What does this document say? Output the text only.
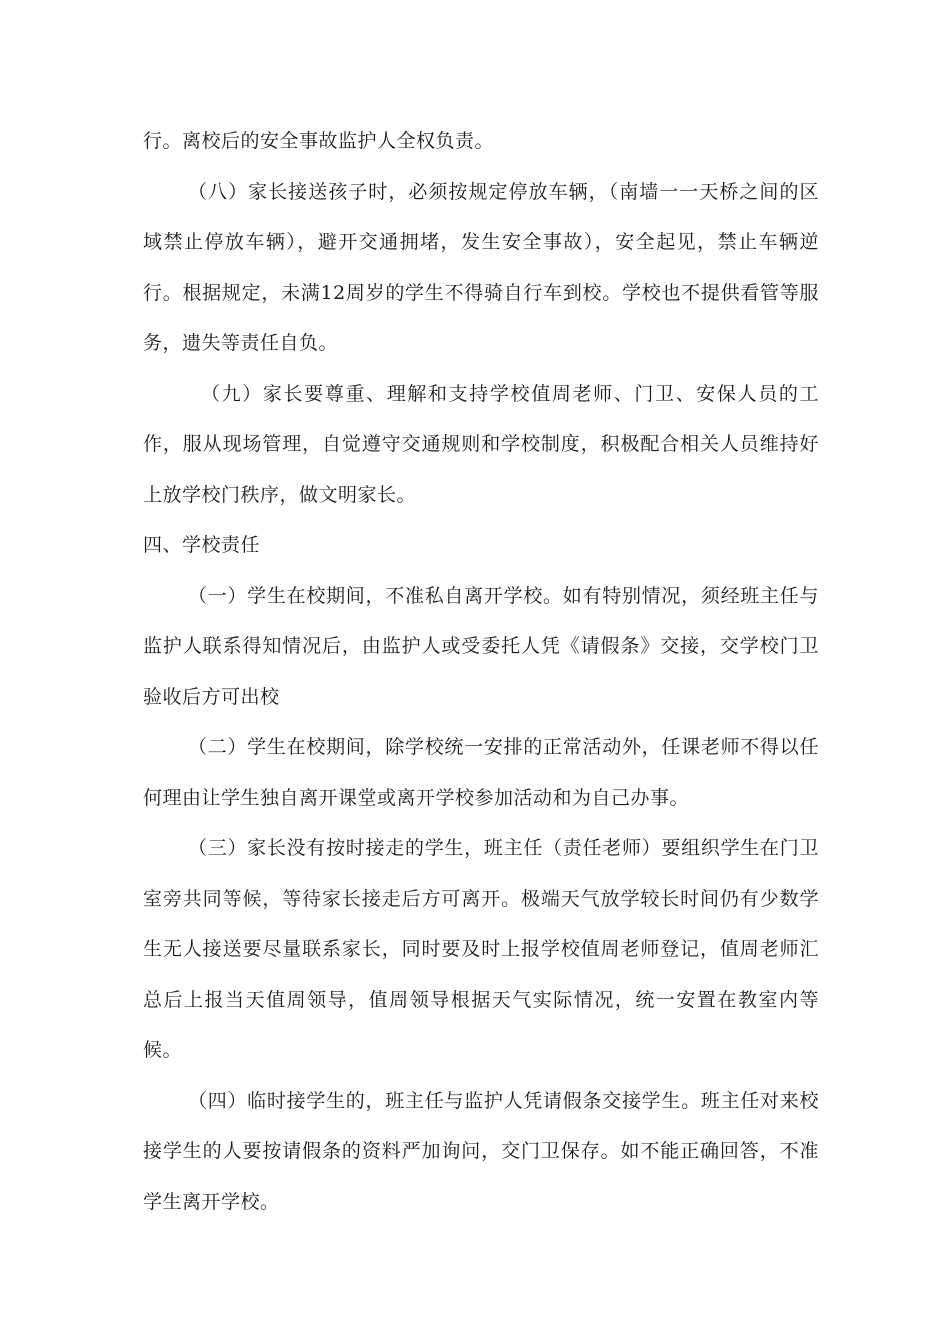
行。离校后的安全事故监护人全权负责。

（八）家长接送孩子时，必须按规定停放车辆，（南墙一一天桥之间的区域禁止停放车辆），避开交通拥堵，发生安全事故），安全起见，禁止车辆逆行。根据规定，未满12周岁的学生不得骑自行车到校。学校也不提供看管等服务，遗失等责任自负。

（九）家长要尊重、理解和支持学校值周老师、门卫、安保人员的工作，服从现场管理，自觉遵守交通规则和学校制度，积极配合相关人员维持好上放学校门秩序，做文明家长。

四、学校责任

（一）学生在校期间，不准私自离开学校。如有特别情况，须经班主任与监护人联系得知情况后，由监护人或受委托人凭《请假条》交接，交学校门卫验收后方可出校

（二）学生在校期间，除学校统一安排的正常活动外，任课老师不得以任何理由让学生独自离开课堂或离开学校参加活动和为自己办事。

（三）家长没有按时接走的学生，班主任（责任老师）要组织学生在门卫室旁共同等候，等待家长接走后方可离开。极端天气放学较长时间仍有少数学生无人接送要尽量联系家长，同时要及时上报学校值周老师登记，值周老师汇总后上报当天值周领导，值周领导根据天气实际情况，统一安置在教室内等候。

（四）临时接学生的，班主任与监护人凭请假条交接学生。班主任对来校接学生的人要按请假条的资料严加询问，交门卫保存。如不能正确回答，不准学生离开学校。
